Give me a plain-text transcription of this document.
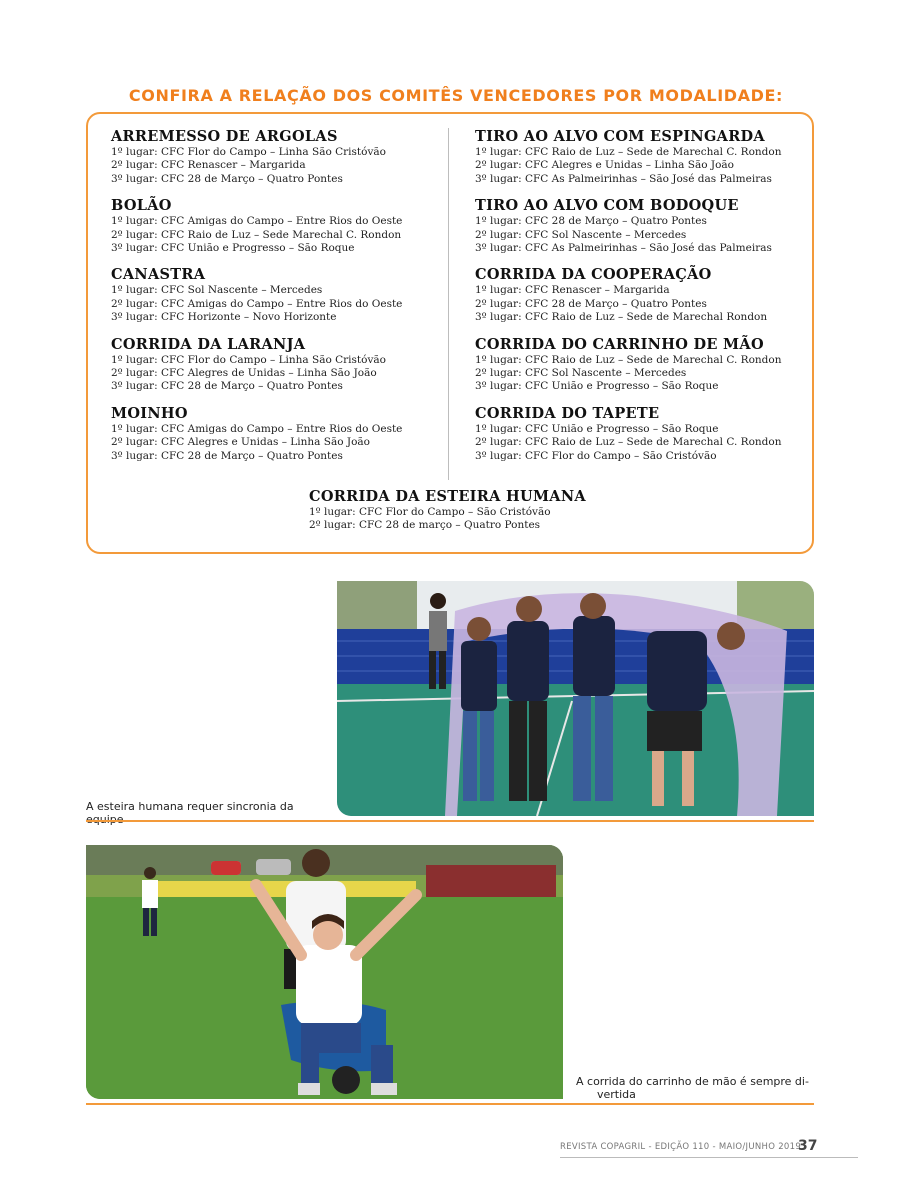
CONFIRA A RELAÇÃO DOS COMITÊS VENCEDORES POR MODALIDADE:
ARREMESSO DE ARGOLAS
1º lugar: CFC Flor do Campo – Linha São Cristóvão
2º lugar: CFC Renascer – Margarida
3º lugar: CFC 28 de Março – Quatro Pontes
BOLÃO
1º lugar: CFC Amigas do Campo – Entre Rios do Oeste
2º lugar: CFC Raio de Luz – Sede Marechal C. Rondon
3º lugar: CFC União e Progresso – São Roque
CANASTRA
1º lugar: CFC Sol Nascente – Mercedes
2º lugar: CFC Amigas do Campo – Entre Rios do Oeste
3º lugar: CFC Horizonte – Novo Horizonte
CORRIDA DA LARANJA
1º lugar: CFC Flor do Campo – Linha São Cristóvão
2º lugar: CFC Alegres de Unidas – Linha São João
3º lugar: CFC 28 de Março – Quatro Pontes
MOINHO
1º lugar: CFC Amigas do Campo – Entre Rios do Oeste
2º lugar: CFC Alegres e Unidas – Linha São João
3º lugar: CFC 28 de Março – Quatro Pontes
TIRO AO ALVO COM ESPINGARDA
1º lugar: CFC Raio de Luz – Sede de Marechal C. Rondon
2º lugar: CFC Alegres e Unidas – Linha São João
3º lugar: CFC As Palmeirinhas – São José das Palmeiras
TIRO AO ALVO COM BODOQUE
1º lugar: CFC 28 de Março – Quatro Pontes
2º lugar: CFC Sol Nascente – Mercedes
3º lugar: CFC As Palmeirinhas – São José das Palmeiras
CORRIDA DA COOPERAÇÃO
1º lugar: CFC Renascer – Margarida
2º lugar: CFC 28 de Março – Quatro Pontes
3º lugar: CFC Raio de Luz – Sede de Marechal Rondon
CORRIDA DO CARRINHO DE MÃO
1º lugar: CFC Raio de Luz – Sede de Marechal C. Rondon
2º lugar: CFC Sol Nascente – Mercedes
3º lugar: CFC União e Progresso – São Roque
CORRIDA DO TAPETE
1º lugar: CFC União e Progresso – São Roque
2º lugar: CFC Raio de Luz – Sede de Marechal C. Rondon
3º lugar: CFC Flor do Campo – São Cristóvão
CORRIDA DA ESTEIRA HUMANA
1º lugar: CFC Flor do Campo – São Cristóvão
2º lugar: CFC 28 de março – Quatro Pontes
A esteira humana requer sincronia da
A corrida do carrinho de mão é sempre di-      vertida
REVISTA COPAGRIL - EDIÇÃO 110 - MAIO/JUNHO 2019
37
